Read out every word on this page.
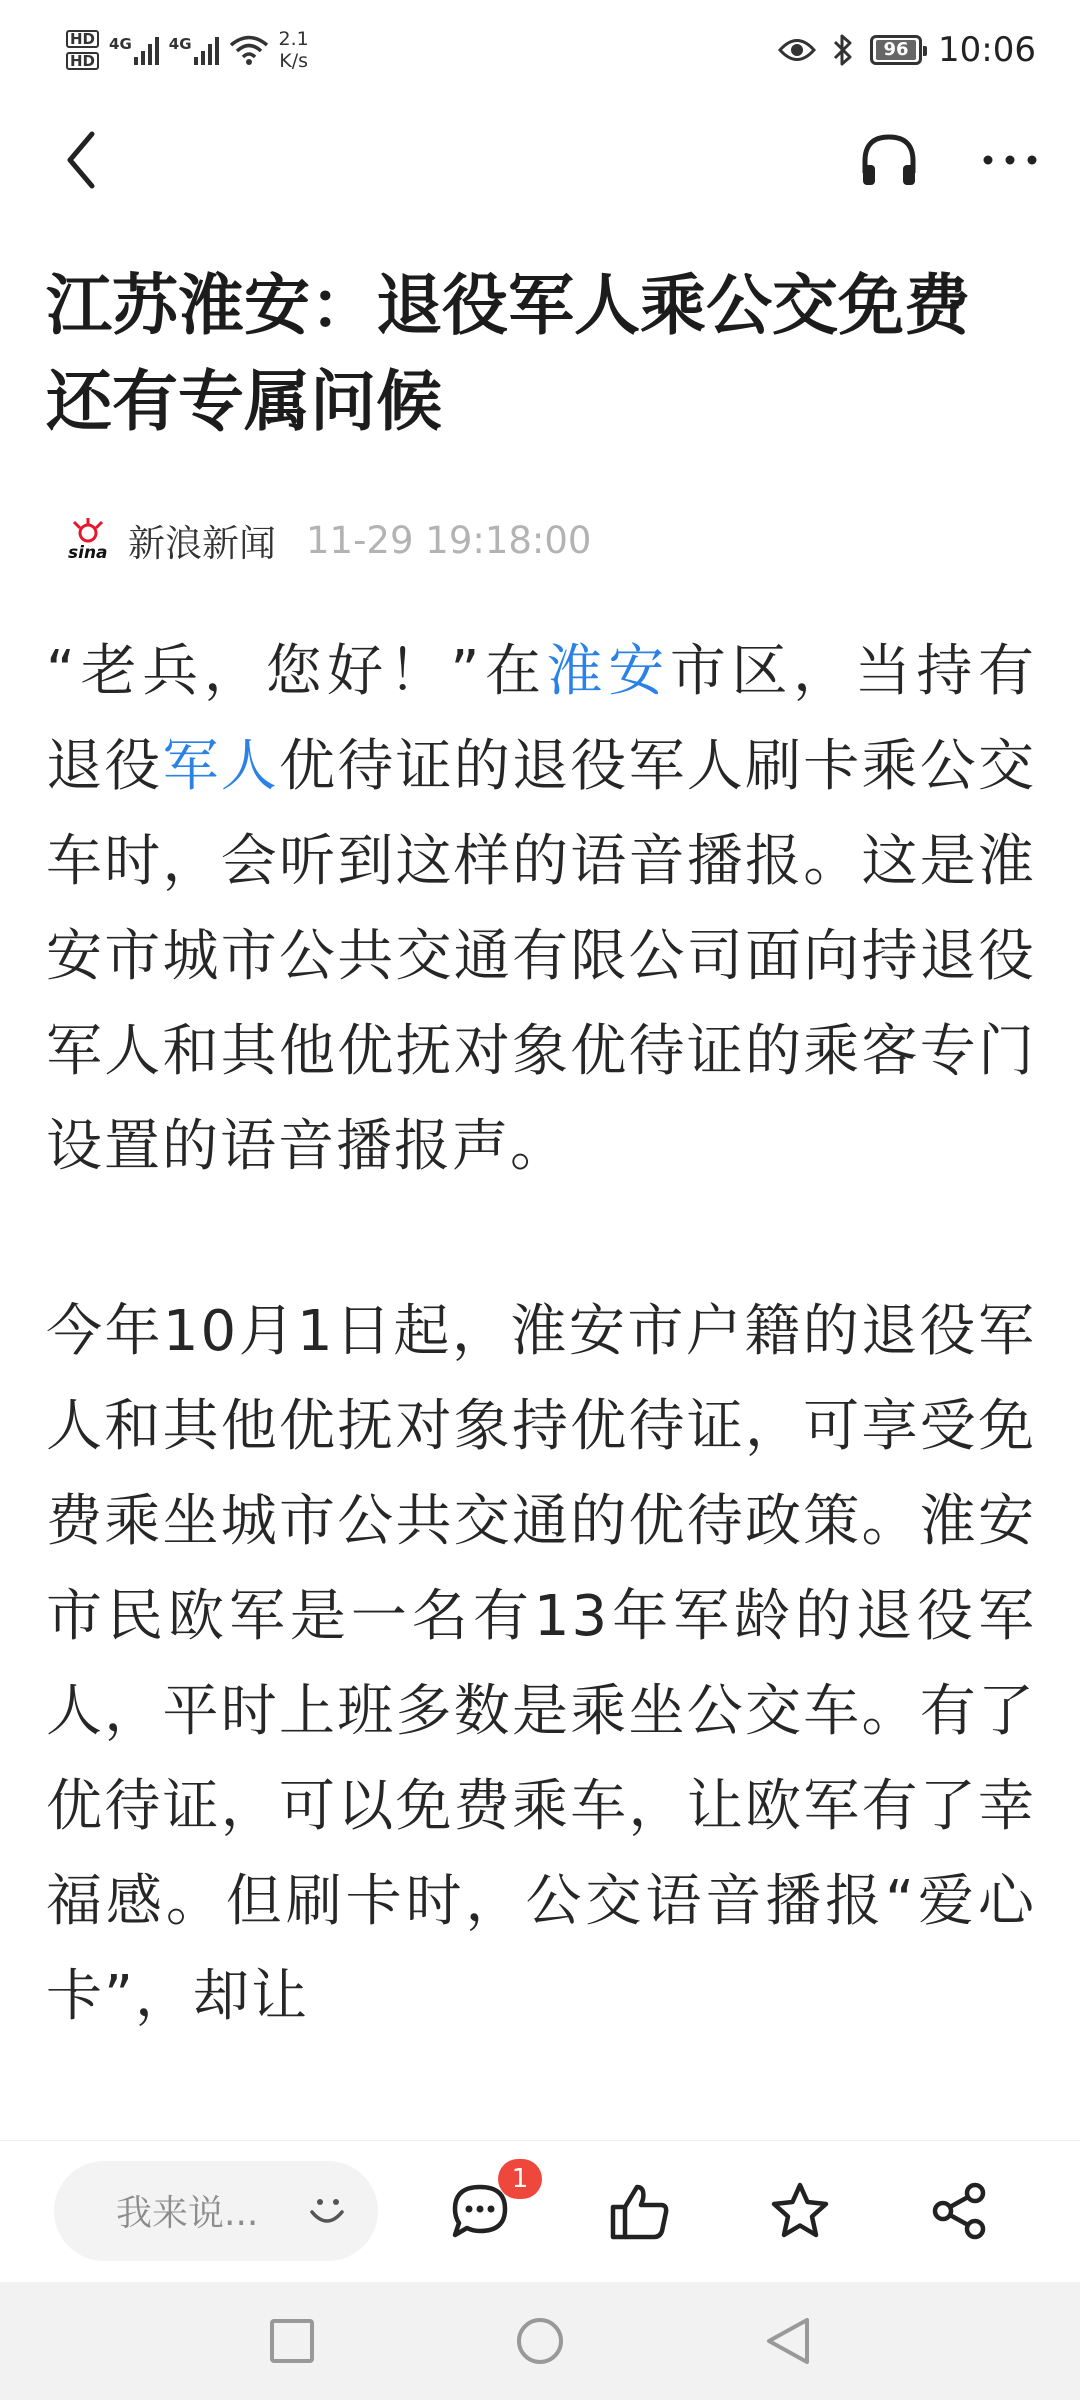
HD
HD
4G 4G	2.1
K/s
96 10:06
江苏淮安：退役军人乘公交免费 还有专属问候
sina 新浪新闻 11-29 19:18:00

“老兵，您好！”在淮安市区，当持有退役军人优待证的退役军人刷卡乘公交车时，会听到这样的语音播报。这是淮安市城市公共交通有限公司面向持退役军人和其他优抚对象优待证的乘客专门设置的语音播报声。

今年10月1日起，淮安市户籍的退役军人和其他优抚对象持优待证，可享受免费乘坐城市公共交通的优待政策。淮安市民欧军是一名有13年军龄的退役军人，平时上班多数是乘坐公交车。有了优待证，可以免费乘车，让欧军有了幸福感。但刷卡时，公交语音播报“爱心卡”，却让

我来说...
1
